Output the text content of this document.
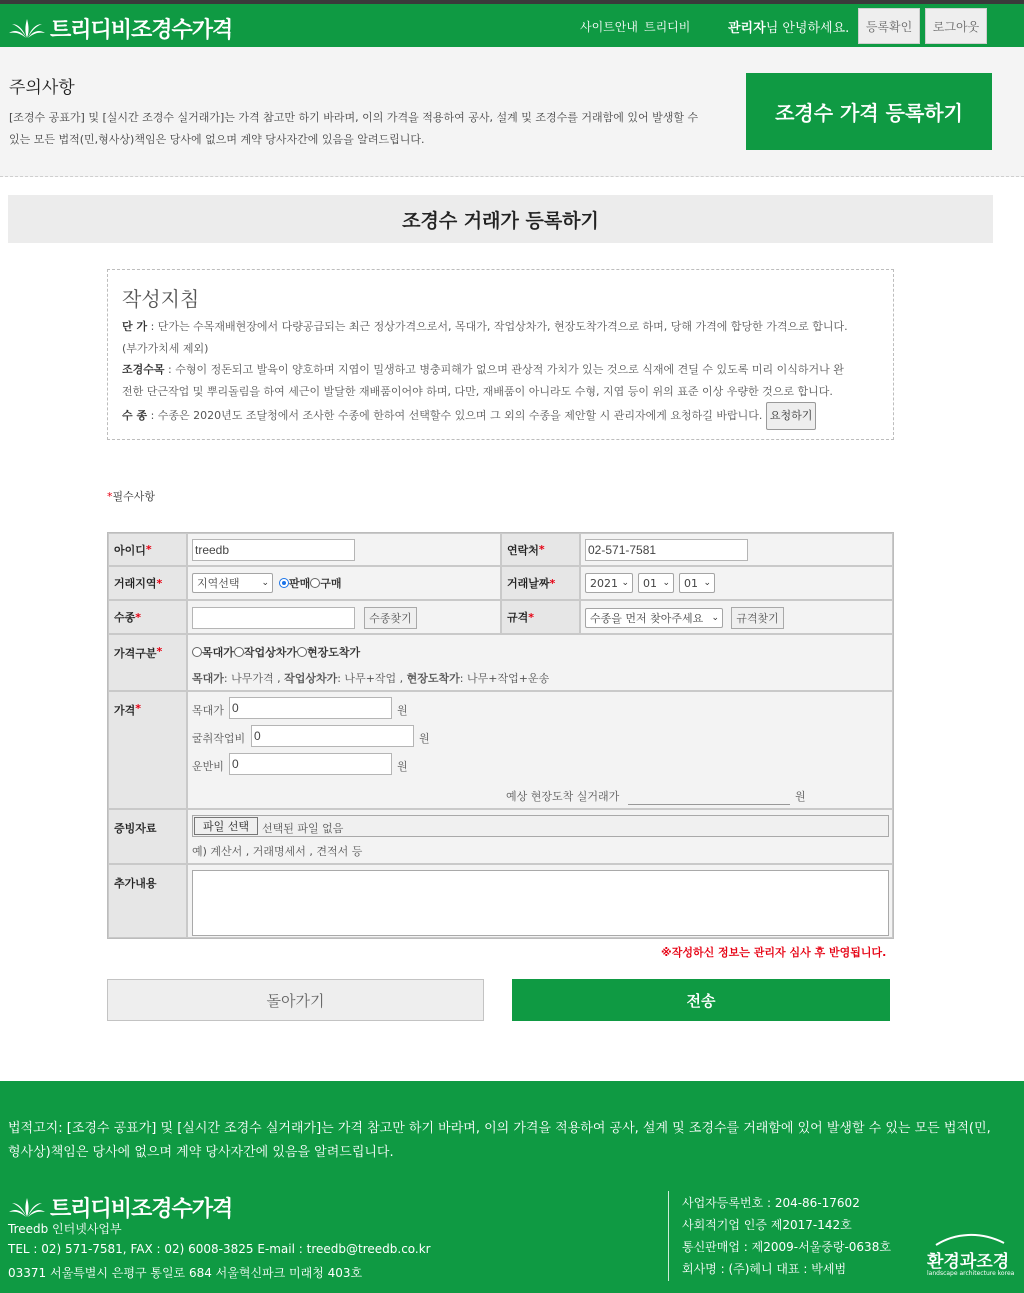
트리디비조경수가격	사이트안내 트리디비	관리자님 안녕하세요.	등록확인	로그아웃
주의사항
[조경수 공표가] 및 [실시간 조경수 실거래가]는 가격 참고만 하기 바라며, 이의 가격을 적용하여 공사, 설계 및 조경수를 거래함에 있어 발생할 수
있는 모든 법적(민,형사상)책임은 당사에 없으며 계약 당사자간에 있음을 알려드립니다.
조경수 가격 등록하기
조경수 거래가 등록하기
작성지침
단 가 : 단가는 수목재배현장에서 다량공급되는 최근 정상가격으로서, 목대가, 작업상차가, 현장도착가격으로 하며, 당해 가격에 합당한 가격으로 합니다.
(부가가치세 제외)
조경수목 : 수형이 정돈되고 발육이 양호하며 지엽이 밀생하고 병충피해가 없으며 관상적 가치가 있는 것으로 식재에 견딜 수 있도록 미리 이식하거나 완
전한 단근작업 및 뿌리돌림을 하여 세근이 발달한 재배품이어야 하며, 다만, 재배품이 아니라도 수형, 지엽 등이 위의 표준 이상 우량한 것으로 합니다.
수 종 : 수종은 2020년도 조달청에서 조사한 수종에 한하여 선택할수 있으며 그 외의 수종을 제안할 시 관리자에게 요청하길 바랍니다. 요청하기
*필수사항
아이디 *	treedb	연락처 *	02-571-7581
거래지역 *	지역선택 ⌄	판매 구매	거래날짜 *	2021 ⌄ 01 ⌄ 01 ⌄
수종 *	수종찾기	규격 *	수종을 먼저 찾아주세요 ⌄	규격찾기
가격구분 *	목대가 작업상차가 현장도착가
목대가: 나무가격 , 작업상차가: 나무+작업 , 현장도착가: 나무+작업+운송
가격 *	목대가 0	원
굴취작업비 0	원
운반비 0	원
예상 현장도착 실거래가	원
증빙자료	파일 선택	선택된 파일 없음
예) 계산서 , 거래명세서 , 견적서 등
추가내용
※작성하신 정보는 관리자 심사 후 반영됩니다.
돌아가기	전송
법적고지: [조경수 공표가] 및 [실시간 조경수 실거래가]는 가격 참고만 하기 바라며, 이의 가격을 적용하여 공사, 설계 및 조경수를 거래함에 있어 발생할 수 있는 모든 법적(민,
형사상)책임은 당사에 없으며 계약 당사자간에 있음을 알려드립니다.
트리디비조경수가격
Treedb 인터넷사업부
TEL : 02) 571-7581, FAX : 02) 6008-3825 E-mail : treedb@treedb.co.kr
03371 서울특별시 은평구 통일로 684 서울혁신파크 미래청 403호
사업자등록번호 : 204-86-17602
사회적기업 인증 제2017-142호
통신판매업 : 제2009-서울중랑-0638호
회사명 : (주)헤니 대표 : 박세범	환경과조경
landscape architecture korea
